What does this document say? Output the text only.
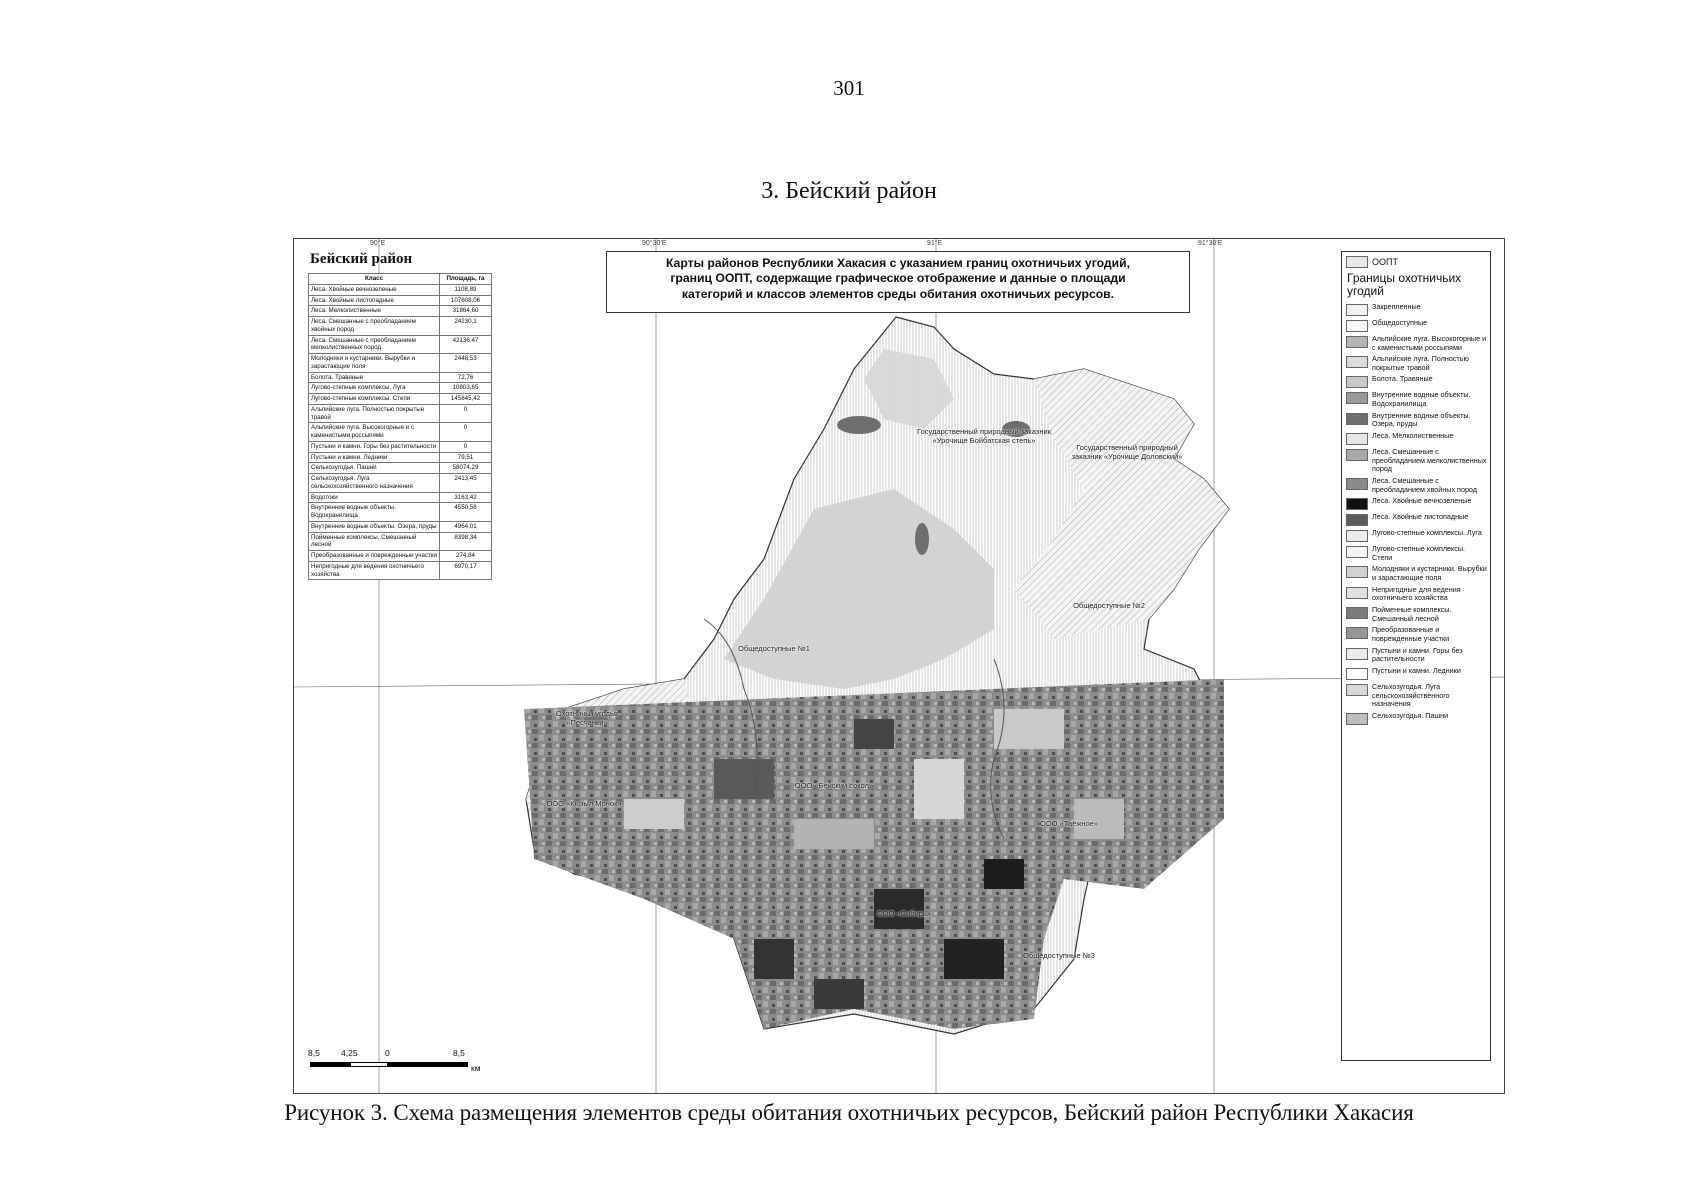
301
3. Бейский район
90°E	90°30'E	91°E	91°30'E
Бейский район
Класс	Площадь, га
Леса. Хвойные вечнозеленые	1108,89
Леса. Хвойные листопадные	107608,06
Леса. Мелколиственные	31864,60
Леса. Смешанные с преобладанием хвойных пород	24230,1
Леса. Смешанные с преобладанием мелколиственных пород	42136,47
Молодняки и кустарники. Вырубки и зарастающие поля	2448,53
Болота. Травяные	72,76
Лугово-степные комплексы. Луга	10803,65
Лугово-степные комплексы. Степи	145845,42
Альпийские луга. Полностью покрытые травой	0
Альпийские луга. Высокогорные и с каменистыми россыпями	0
Пустыни и камни. Горы без растительности	0
Пустыни и камни. Ледники	79,51
Сельхозугодья. Пашни	58074,29
Сельхозугодья. Луга сельскохозяйственного назначения	2413,45
Водотоки	3163,42
Внутренние водные объекты. Водохранилища	4550,58
Внутренние водные объекты. Озера, пруды	4964,01
Пойменные комплексы. Смешанный лесной	8398,34
Преобразованные и поврежденные участки	274,84
Непригодные для ведения охотничьего хозяйства	6970,17
Карты районов Республики Хакасия с указанием границ охотничьих угодий,
границ ООПТ, содержащие графическое отображение и данные о площади
категорий и классов элементов среды обитания охотничьих ресурсов.
Государственный природный заказник «Урочище Бойбатская степь»
Государственный природный заказник «Урочище Доловский»
Общедоступные №1
Общедоступные №2
Охотничьи угодья «Песчанки»
ООО «Кызыл Монок»
ООО «Бейский сокол»
ООО «Таёжное»
ООО «Сибирь»
Общедоступные №3
ООПТ
Границы охотничьих угодий
Закрепленные
Общедоступные
Альпийские луга. Высокогорные и с каменистыми россыпями
Альпийские луга. Полностью покрытые травой
Болота. Травяные
Внутренние водные объекты. Водохранилища
Внутренние водные объекты. Озера, пруды
Леса. Мелколиственные
Леса. Смешанные с преобладанием мелколиственных пород
Леса. Смешанные с преобладанием хвойных пород
Леса. Хвойные вечнозеленые
Леса. Хвойные листопадные
Лугово-степные комплексы. Луга
Лугово-степные комплексы. Степи
Молодняки и кустарники. Вырубки и зарастающие поля
Непригодные для ведения охотничьего хозяйства
Пойменные комплексы. Смешанный лесной
Преобразованные и поврежденные участки
Пустыни и камни. Горы без растительности
Пустыни и камни. Ледники
Сельхозугодья. Луга сельскохозяйственного назначения
Сельхозугодья. Пашни
8,5 4,25	0	8,5
км
Рисунок 3. Схема размещения элементов среды обитания охотничьих ресурсов, Бейский район Республики Хакасия
